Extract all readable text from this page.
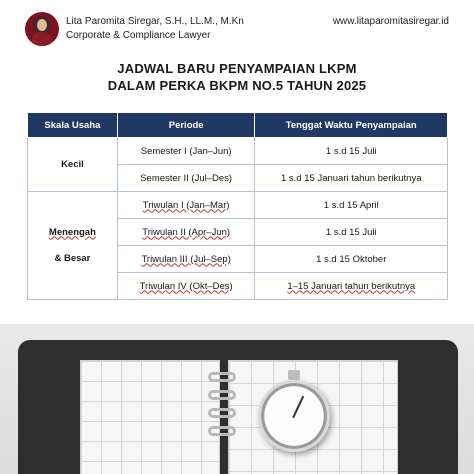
Lita Paromita Siregar, S.H., LL.M., M.Kn
Corporate & Compliance Lawyer
www.litaparomitasiregar.id
JADWAL BARU PENYAMPAIAN LKPM
DALAM PERKA BKPM NO.5 TAHUN 2025
Skala Usaha	Periode	Tenggat Waktu Penyampaian

Kecil	Semester I (Jan–Jun)	1 s.d 15 Juli
	Semester II (Jul–Des)	1 s.d 15 Januari tahun berikutnya

Menengah
& Besar	Triwulan I (Jan–Mar)	1 s.d 15 April
	Triwulan II (Apr–Jun)	1 s.d 15 Juli
	Triwulan III (Jul–Sep)	1 s.d 15 Oktober
	Triwulan IV (Okt–Des)	1–15 Januari tahun berikutnya
